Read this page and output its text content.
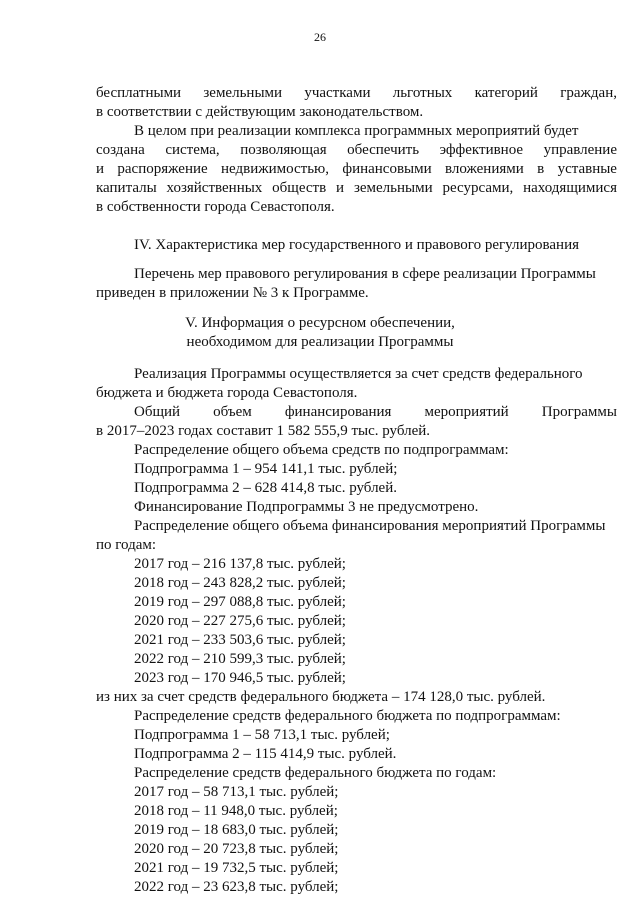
26
бесплатными земельными участками льготных категорий граждан,
в соответствии с действующим законодательством.
В целом при реализации комплекса программных мероприятий будет
создана система, позволяющая обеспечить эффективное управление
и распоряжение недвижимостью, финансовыми вложениями в уставные
капиталы хозяйственных обществ и земельными ресурсами, находящимися
в собственности города Севастополя.
IV. Характеристика мер государственного и правового регулирования
Перечень мер правового регулирования в сфере реализации Программы
приведен в приложении № 3 к Программе.
V. Информация о ресурсном обеспечении,
необходимом для реализации Программы
Реализация Программы осуществляется за счет средств федерального
бюджета и бюджета города Севастополя.
Общий объем финансирования мероприятий Программы
в 2017–2023 годах составит 1 582 555,9 тыс. рублей.
Распределение общего объема средств по подпрограммам:
Подпрограмма 1 – 954 141,1 тыс. рублей;
Подпрограмма 2 – 628 414,8 тыс. рублей.
Финансирование Подпрограммы 3 не предусмотрено.
Распределение общего объема финансирования мероприятий Программы
по годам:
2017 год – 216 137,8 тыс. рублей;
2018 год – 243 828,2 тыс. рублей;
2019 год – 297 088,8 тыс. рублей;
2020 год – 227 275,6 тыс. рублей;
2021 год – 233 503,6 тыс. рублей;
2022 год – 210 599,3 тыс. рублей;
2023 год – 170 946,5 тыс. рублей;
из них за счет средств федерального бюджета – 174 128,0 тыс. рублей.
Распределение средств федерального бюджета по подпрограммам:
Подпрограмма 1 – 58 713,1 тыс. рублей;
Подпрограмма 2 – 115 414,9 тыс. рублей.
Распределение средств федерального бюджета по годам:
2017 год – 58 713,1 тыс. рублей;
2018 год – 11 948,0 тыс. рублей;
2019 год – 18 683,0 тыс. рублей;
2020 год – 20 723,8 тыс. рублей;
2021 год – 19 732,5 тыс. рублей;
2022 год – 23 623,8 тыс. рублей;
